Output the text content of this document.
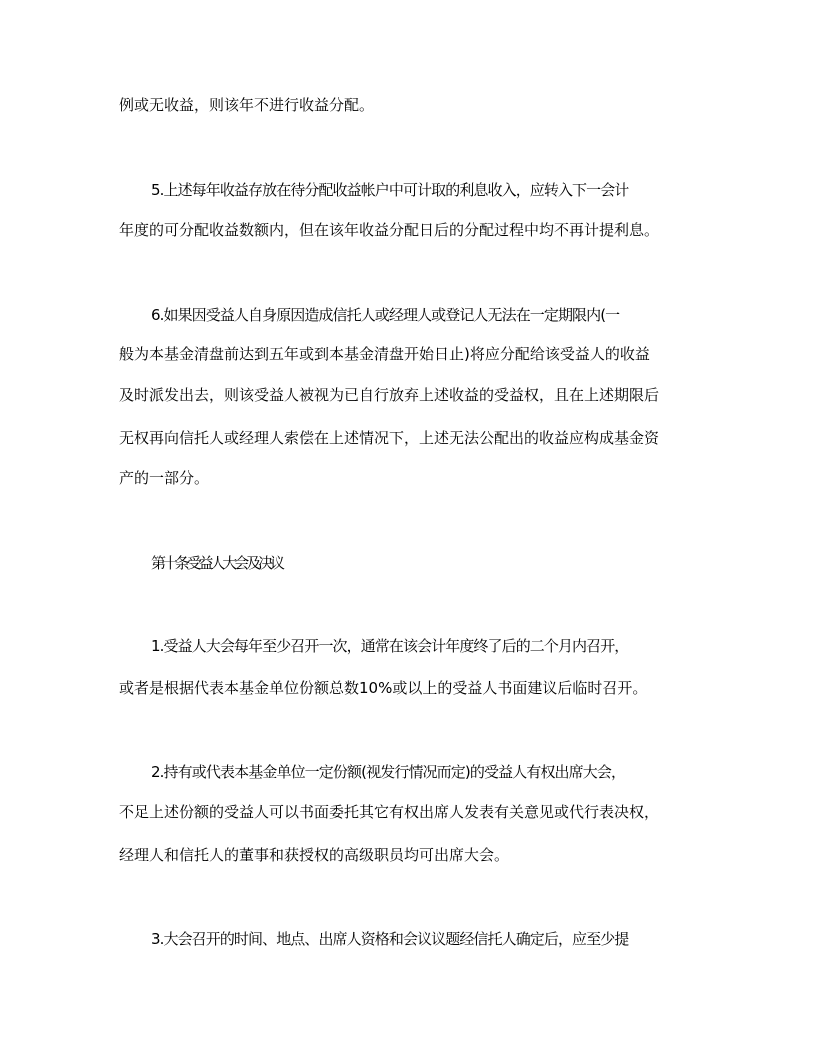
例或无收益，则该年不进行收益分配。

5.上述每年收益存放在待分配收益帐户中可计取的利息收入，应转入下一会计

年度的可分配收益数额内，但在该年收益分配日后的分配过程中均不再计提利息。

6.如果因受益人自身原因造成信托人或经理人或登记人无法在一定期限内(一

般为本基金清盘前达到五年或到本基金清盘开始日止)将应分配给该受益人的收益

及时派发出去，则该受益人被视为已自行放弃上述收益的受益权，且在上述期限后

无权再向信托人或经理人索偿在上述情况下，上述无法公配出的收益应构成基金资

产的一部分。

第十条受益人大会及决议

1.受益人大会每年至少召开一次，通常在该会计年度终了后的二个月内召开，

或者是根据代表本基金单位份额总数10%或以上的受益人书面建议后临时召开。

2.持有或代表本基金单位一定份额(视发行情况而定)的受益人有权出席大会，

不足上述份额的受益人可以书面委托其它有权出席人发表有关意见或代行表决权，

经理人和信托人的董事和获授权的高级职员均可出席大会。

3.大会召开的时间、地点、出席人资格和会议议题经信托人确定后，应至少提
